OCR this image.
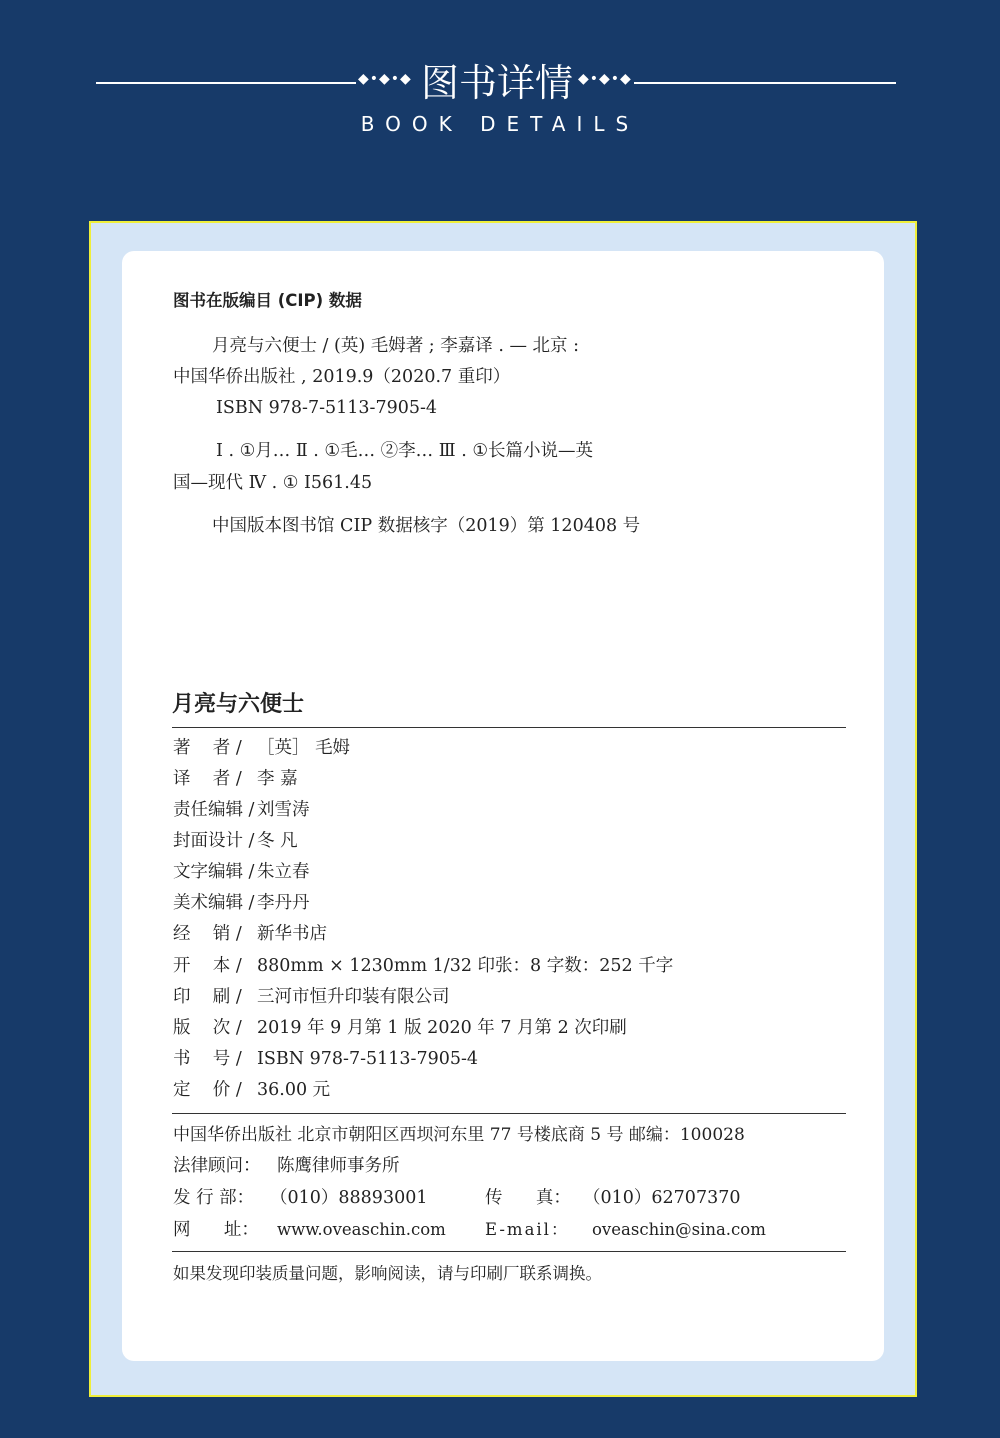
◆•◆•◆ 图书详情 ◆•◆•◆
BOOK DETAILS
图书在版编目 (CIP) 数据
月亮与六便士 / (英) 毛姆著 ; 李嘉译 . — 北京 :
中国华侨出版社 , 2019.9（2020.7 重印）
ISBN 978-7-5113-7905-4
Ⅰ . ①月… Ⅱ . ①毛… ②李… Ⅲ . ①长篇小说—英
国—现代 Ⅳ . ① I561.45
中国版本图书馆 CIP 数据核字（2019）第 120408 号
月亮与六便士
著    者 / ［英］ 毛姆
译    者 / 李 嘉
责任编辑 / 刘雪涛
封面设计 / 冬 凡
文字编辑 / 朱立春
美术编辑 / 李丹丹
经    销 / 新华书店
开    本 / 880mm × 1230mm 1/32 印张：8 字数：252 千字
印    刷 / 三河市恒升印装有限公司
版    次 / 2019 年 9 月第 1 版 2020 年 7 月第 2 次印刷
书    号 / ISBN 978-7-5113-7905-4
定    价 / 36.00 元
中国华侨出版社 北京市朝阳区西坝河东里 77 号楼底商 5 号 邮编：100028
法律顾问： 陈鹰律师事务所
发 行 部： （010）88893001	传      真： （010）62707370
网      址： www.oveaschin.com E-mail： oveaschin@sina.com
如果发现印装质量问题，影响阅读，请与印刷厂联系调换。
